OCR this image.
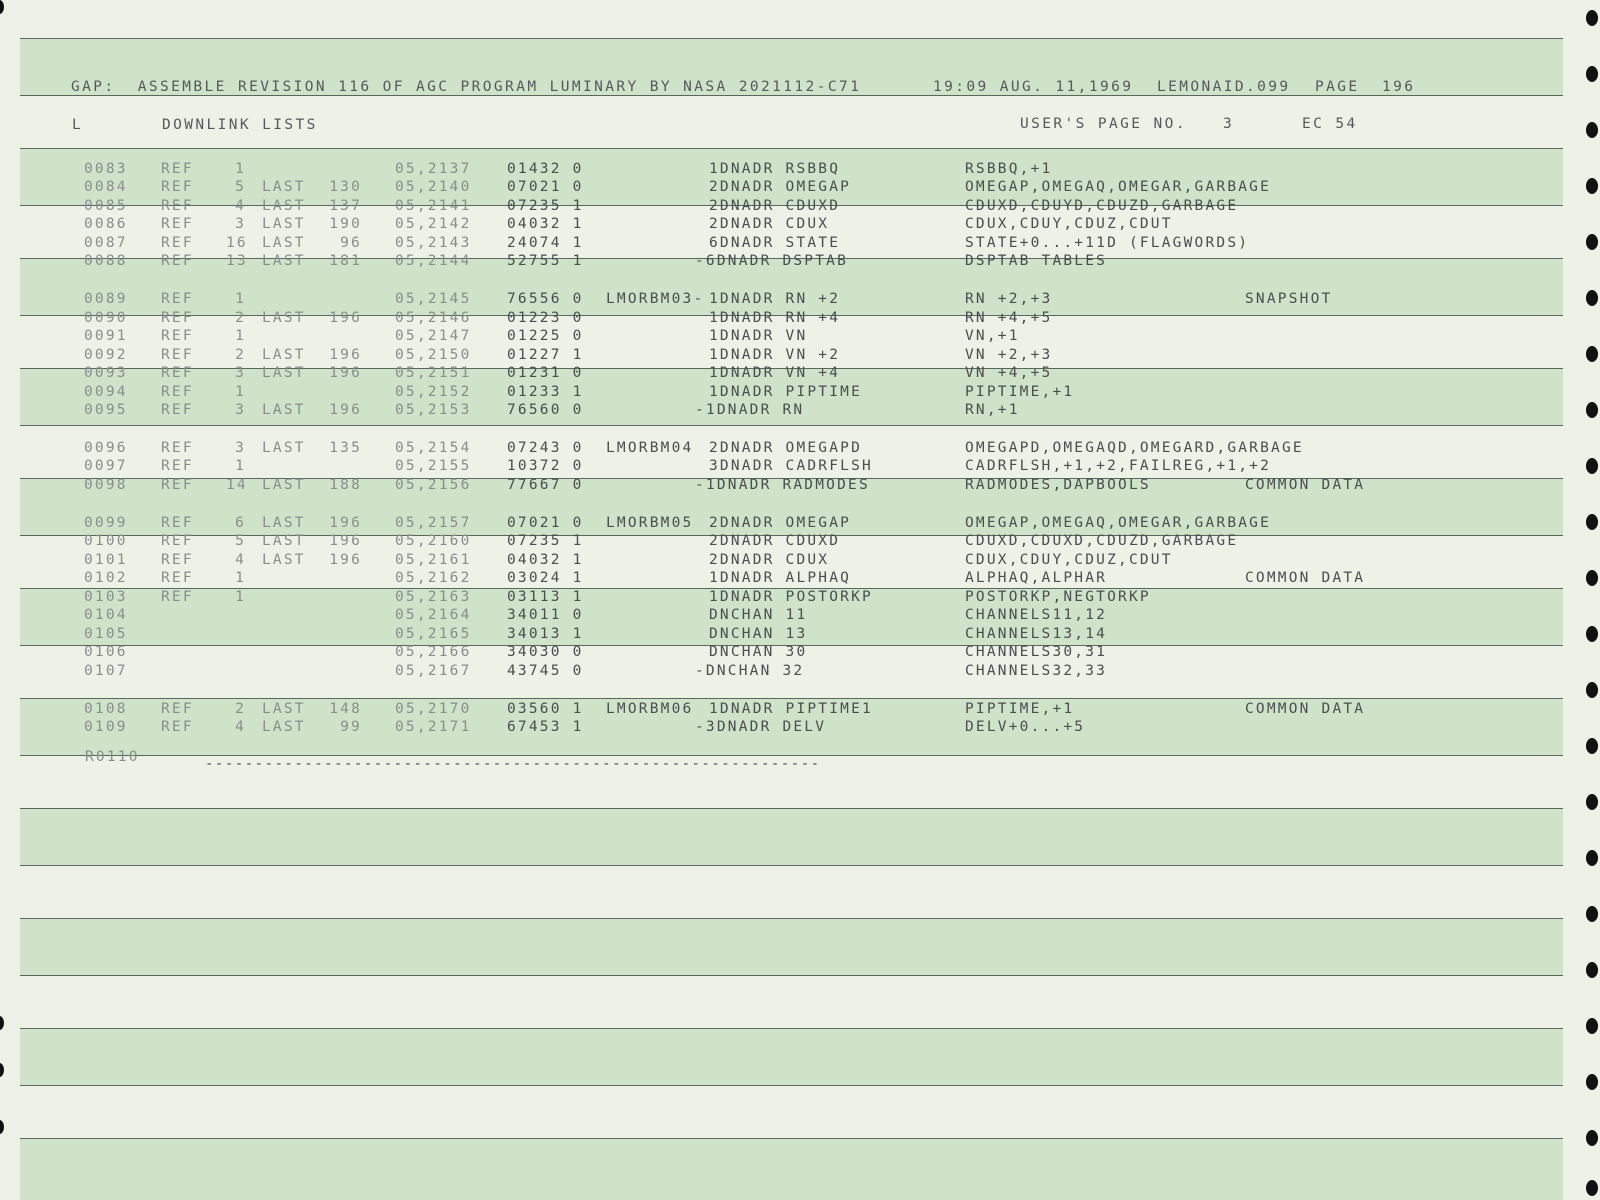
GAP:  ASSEMBLE REVISION 116 OF AGC PROGRAM LUMINARY BY NASA 2021112-C71	19:09 AUG. 11,1969 LEMONAID.099 PAGE 196
L	DOWNLINK LISTS	USER'S PAGE NO. 3	EC 54
0083 REF	1	05,2137 01432 0	1DNADR RSBBQ	RSBBQ,+1
0084 REF	5 LAST 130 05,2140 07021 0	2DNADR OMEGAP	OMEGAP,OMEGAQ,OMEGAR,GARBAGE
0085 REF	4 LAST 137 05,2141 07235 1	2DNADR CDUXD	CDUXD,CDUYD,CDUZD,GARBAGE
0086 REF	3 LAST 190 05,2142 04032 1	2DNADR CDUX	CDUX,CDUY,CDUZ,CDUT
0087 REF 16 LAST	96 05,2143 24074 1	6DNADR STATE	STATE+0...+11D (FLAGWORDS)
0088 REF 13 LAST 181 05,2144 52755 1	-6DNADR DSPTAB	DSPTAB TABLES
0089 REF	1	05,2145 76556 0 LMORBM03- 1DNADR RN +2	RN +2,+3	SNAPSHOT
0090 REF	2 LAST 196 05,2146 01223 0	1DNADR RN +4	RN +4,+5
0091 REF	1	05,2147 01225 0	1DNADR VN	VN,+1
0092 REF	2 LAST 196 05,2150 01227 1	1DNADR VN +2	VN +2,+3
0093 REF	3 LAST 196 05,2151 01231 0	1DNADR VN +4	VN +4,+5
0094 REF	1	05,2152 01233 1	1DNADR PIPTIME	PIPTIME,+1
0095 REF	3 LAST 196 05,2153 76560 0	-1DNADR RN	RN,+1
0096 REF	3 LAST 135 05,2154 07243 0 LMORBM04 2DNADR OMEGAPD	OMEGAPD,OMEGAQD,OMEGARD,GARBAGE
0097 REF	1	05,2155 10372 0	3DNADR CADRFLSH	CADRFLSH,+1,+2,FAILREG,+1,+2
0098 REF 14 LAST 188 05,2156 77667 0	-1DNADR RADMODES	RADMODES,DAPBOOLS	COMMON DATA
0099 REF	6 LAST 196 05,2157 07021 0 LMORBM05 2DNADR OMEGAP	OMEGAP,OMEGAQ,OMEGAR,GARBAGE
0100 REF	5 LAST 196 05,2160 07235 1	2DNADR CDUXD	CDUXD,CDUXD,CDUZD,GARBAGE
0101 REF	4 LAST 196 05,2161 04032 1	2DNADR CDUX	CDUX,CDUY,CDUZ,CDUT
0102 REF	1	05,2162 03024 1	1DNADR ALPHAQ	ALPHAQ,ALPHAR	COMMON DATA
0103 REF	1	05,2163 03113 1	1DNADR POSTORKP	POSTORKP,NEGTORKP
0104	05,2164 34011 0	DNCHAN 11	CHANNELS11,12
0105	05,2165 34013 1	DNCHAN 13	CHANNELS13,14
0106	05,2166 34030 0	DNCHAN 30	CHANNELS30,31
0107	05,2167 43745 0	-DNCHAN 32	CHANNELS32,33
0108 REF	2 LAST 148 05,2170 03560 1 LMORBM06 1DNADR PIPTIME1	PIPTIME,+1	COMMON DATA
0109 REF	4 LAST	99 05,2171 67453 1	-3DNADR DELV	DELV+0...+5
R0110	--------------------------------------------------------------
